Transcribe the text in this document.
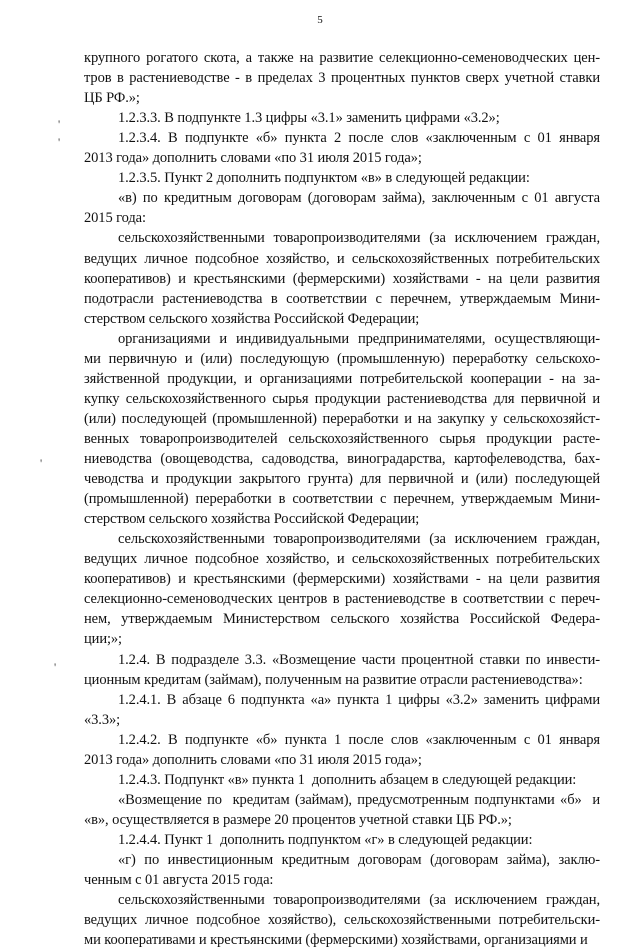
5
крупного рогатого скота, а также на развитие селекционно-семеноводческих цен-
тров в растениеводстве - в пределах 3 процентных пунктов сверх учетной ставки
ЦБ РФ.»;
1.2.3.3. В подпункте 1.3 цифры «3.1» заменить цифрами «3.2»;
1.2.3.4. В подпункте «б» пункта 2 после слов «заключенным с 01 января
2013 года» дополнить словами «по 31 июля 2015 года»;
1.2.3.5. Пункт 2 дополнить подпунктом «в» в следующей редакции:
«в) по кредитным договорам (договорам займа), заключенным с 01 августа
2015 года:
сельскохозяйственными товаропроизводителями (за исключением граждан,
ведущих личное подсобное хозяйство, и сельскохозяйственных потребительских
кооперативов) и крестьянскими (фермерскими) хозяйствами - на цели развития
подотрасли растениеводства в соответствии с перечнем, утверждаемым Мини-
стерством сельского хозяйства Российской Федерации;
организациями и индивидуальными предпринимателями, осуществляющи-
ми первичную и (или) последующую (промышленную) переработку сельскохо-
зяйственной продукции, и организациями потребительской кооперации - на за-
купку сельскохозяйственного сырья продукции растениеводства для первичной и
(или) последующей (промышленной) переработки и на закупку у сельскохозяйст-
венных товаропроизводителей сельскохозяйственного сырья продукции расте-
ниеводства (овощеводства, садоводства, виноградарства, картофелеводства, бах-
чеводства и продукции закрытого грунта) для первичной и (или) последующей
(промышленной) переработки в соответствии с перечнем, утверждаемым Мини-
стерством сельского хозяйства Российской Федерации;
сельскохозяйственными товаропроизводителями (за исключением граждан,
ведущих личное подсобное хозяйство, и сельскохозяйственных потребительских
кооперативов) и крестьянскими (фермерскими) хозяйствами - на цели развития
селекционно-семеноводческих центров в растениеводстве в соответствии с переч-
нем, утверждаемым Министерством сельского хозяйства Российской Федера-
ции;»;
1.2.4. В подразделе 3.3. «Возмещение части процентной ставки по инвести-
ционным кредитам (займам), полученным на развитие отрасли растениеводства»:
1.2.4.1. В абзаце 6 подпункта «а» пункта 1 цифры «3.2» заменить цифрами
«3.3»;
1.2.4.2. В подпункте «б» пункта 1 после слов «заключенным с 01 января
2013 года» дополнить словами «по 31 июля 2015 года»;
1.2.4.3. Подпункт «в» пункта 1  дополнить абзацем в следующей редакции:
«Возмещение по  кредитам (займам), предусмотренным подпунктами «б»  и
«в», осуществляется в размере 20 процентов учетной ставки ЦБ РФ.»;
1.2.4.4. Пункт 1  дополнить подпунктом «г» в следующей редакции:
«г) по инвестиционным кредитным договорам (договорам займа), заклю-
ченным с 01 августа 2015 года:
сельскохозяйственными товаропроизводителями (за исключением граждан,
ведущих личное подсобное хозяйство), сельскохозяйственными потребительски-
ми кооперативами и крестьянскими (фермерскими) хозяйствами, организациями и
'
'
'
'
